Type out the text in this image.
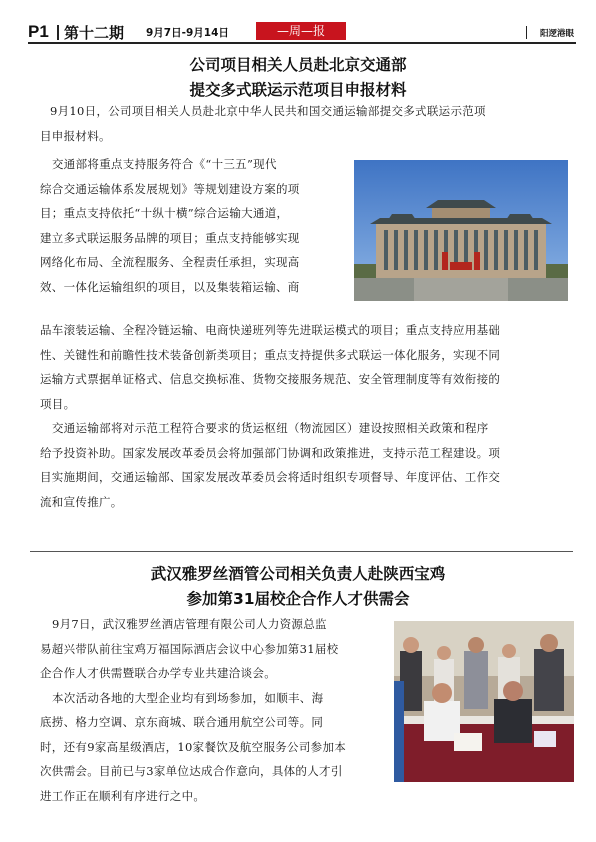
P1 第十二期 9月7日-9月14日	—周—报	阳逻港眼
公司项目相关人员赴北京交通部
提交多式联运示范项目申报材料
9月10日，公司项目相关人员赴北京中华人民共和国交通运输部提交多式联运示范项
目申报材料。
交通部将重点支持服务符合《“十三五”现代
综合交通运输体系发展规划》等规划建设方案的项
目；重点支持依托“十纵十横”综合运输大通道，
建立多式联运服务品牌的项目；重点支持能够实现
网络化布局、全流程服务、全程责任承担，实现高
效、一体化运输组织的项目，以及集装箱运输、商
品车滚装运输、全程冷链运输、电商快递班列等先进联运模式的项目；重点支持应用基础
性、关键性和前瞻性技术装备创新类项目；重点支持提供多式联运一体化服务，实现不同
运输方式票据单证格式、信息交换标准、货物交接服务规范、安全管理制度等有效衔接的
项目。
交通运输部将对示范工程符合要求的货运枢纽（物流园区）建设按照相关政策和程序
给予投资补助。国家发展改革委员会将加强部门协调和政策推进，支持示范工程建设。项
目实施期间，交通运输部、国家发展改革委员会将适时组织专项督导、年度评估、工作交
流和宣传推广。
武汉雅罗丝酒管公司相关负责人赴陕西宝鸡
参加第31届校企合作人才供需会
9月7日，武汉雅罗丝酒店管理有限公司人力资源总监
易超兴带队前往宝鸡万福国际酒店会议中心参加第31届校
企合作人才供需暨联合办学专业共建洽谈会。
本次活动各地的大型企业均有到场参加，如顺丰、海
底捞、格力空调、京东商城、联合通用航空公司等。同
时，还有9家高星级酒店，10家餐饮及航空服务公司参加本
次供需会。目前已与3家单位达成合作意向，具体的人才引
进工作正在顺利有序进行之中。
